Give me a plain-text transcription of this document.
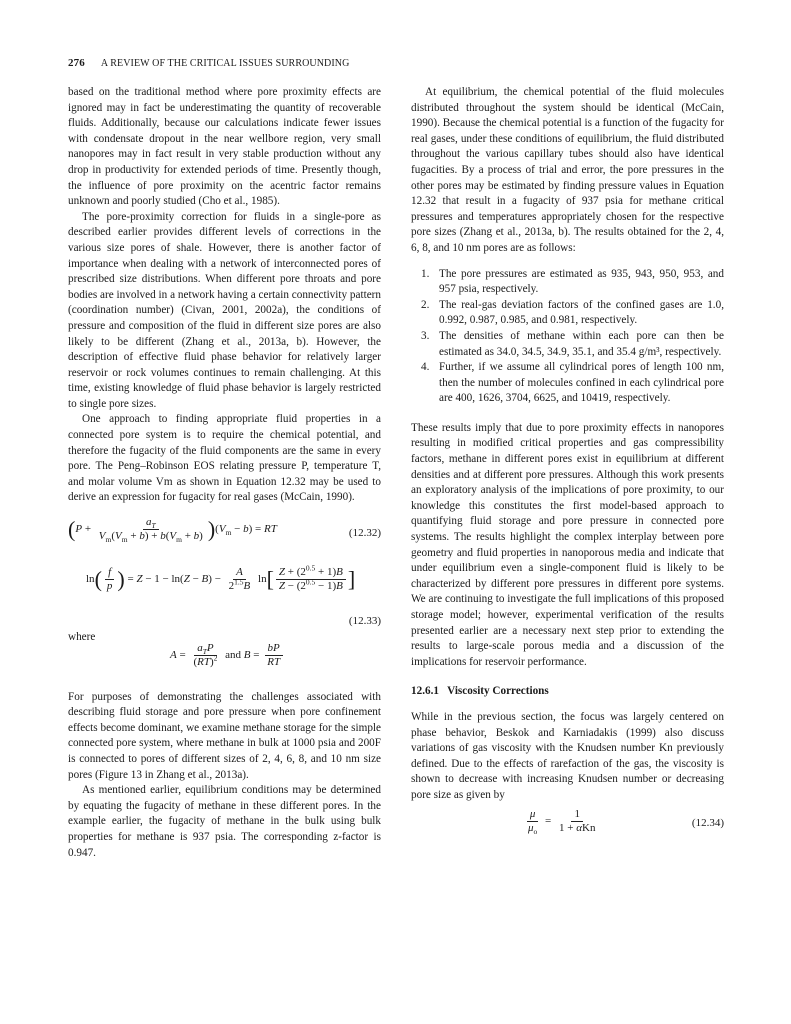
276 A REVIEW OF THE CRITICAL ISSUES SURROUNDING

based on the traditional method where pore proximity effects are ignored may in fact be underestimating the quantity of recoverable fluids. Additionally, because our calculations indicate fewer issues with condensate dropout in the near wellbore region, very small nanopores may in fact result in very stable production without any drop in productivity for extended periods of time. Presently though, the influence of pore proximity on the acentric factor remains unknown and poorly studied (Cho et al., 1985).

The pore-proximity correction for fluids in a single-pore as described earlier provides different levels of corrections in the various size pores of shale. However, there is another factor of importance when dealing with a network of interconnected pores of prescribed size distributions. When different pore throats and pore bodies are involved in a network having a certain connectivity pattern (coordination number) (Civan, 2001, 2002a), the conditions of pressure and composition of the fluid in different size pores are also likely to be different (Zhang et al., 2013a, b). However, the description of effective fluid phase behavior for relatively larger reservoir or rock volumes continues to remain challenging. At this time, existing knowledge of fluid phase behavior is largely restricted to single pore sizes.

One approach to finding appropriate fluid properties in a connected pore system is to require the chemical potential, and therefore the fugacity of the fluid components are the same in every pore. The Peng–Robinson EOS relating pressure P, temperature T, and molar volume Vm as shown in Equation 12.32 may be used to derive an expression for fugacity for real gases (McCain, 1990).

$(P + \frac{a_T}{V_m(V_m + b) + b(V_m + b)} )(V_m - b)$ = RT	(12.32)
$\ln( \frac{f}{p}$ ) = $Z - 1 - \ln(Z - B) - \frac{A}{2^{1.5}B} \ln[ \frac{Z + (2^{0.5} + 1)B}{Z - (2^{0.5} - 1)B}$ ]
(12.33)

where

$A = \frac{a_TP}{(RT)^2}$ and $B = \frac{bP}{RT}$

For purposes of demonstrating the challenges associated with describing fluid storage and pore pressure when pore confinement effects become dominant, we examine methane storage for the simple connected pore system, where methane in bulk at 1000 psia and 200F is connected to pores of different sizes of 2, 4, 6, 8, and 10 nm size pores (Figure 13 in Zhang et al., 2013a).

As mentioned earlier, equilibrium conditions may be determined by equating the fugacity of methane in these different pores. In the example earlier, the fugacity of methane in the bulk using bulk properties for methane is 937 psia. The corresponding z-factor is 0.947.

At equilibrium, the chemical potential of the fluid molecules distributed throughout the system should be identical (McCain, 1990). Because the chemical potential is a function of the fugacity for real gases, under these conditions of equilibrium, the fluid distributed throughout the various capillary tubes should also have identical fugacities. By a process of trial and error, the pore pressures in the other pores may be estimated by finding pressure values in Equation 12.32 that result in a fugacity of 937 psia for methane critical pressures and temperatures appropriately chosen for the respective pore sizes (Zhang et al., 2013a, b). The results obtained for the 2, 4, 6, 8, and 10 nm pores are as follows:

1. The pore pressures are estimated as 935, 943, 950, 953, and 957 psia, respectively.
2. The real-gas deviation factors of the confined gases are 1.0, 0.992, 0.987, 0.985, and 0.981, respectively.
3. The densities of methane within each pore can then be estimated as 34.0, 34.5, 34.9, 35.1, and 35.4 g/m³, respectively.
4. Further, if we assume all cylindrical pores of length 100 nm, then the number of molecules confined in each cylindrical pore are 400, 1626, 3704, 6625, and 10419, respectively.

These results imply that due to pore proximity effects in nanopores resulting in modified critical properties and gas compressibility factors, methane in different pores exist in equilibrium at different densities and at different pore pressures. Although this work presents an exploratory analysis of the implications of pore proximity, to our knowledge this constitutes the first model-based approach to quantifying fluid storage and pore pressure in connected pore systems. The results highlight the complex interplay between pore geometry and fluid properties in nanoporous media and indicate that under equilibrium even a single-component fluid is likely to be characterized by different pore pressures in different pore systems. We are continuing to investigate the full implications of this proposed storage model; however, experimental verification of the results presented earlier are a necessary next step prior to extending the results to large-scale porous media and a discussion of the implications for reservoir performance.

12.6.1   Viscosity Corrections

While in the previous section, the focus was largely centered on phase behavior, Beskok and Karniadakis (1999) also discuss variations of gas viscosity with the Knudsen number Kn previously defined. Due to the effects of rarefaction of the gas, the viscosity is shown to decrease with increasing Knudsen number or decreasing pore size as given by

$\frac{\mu}{\mu_o} = \frac{1}{\text{1 + αKn}}$	(12.34)
